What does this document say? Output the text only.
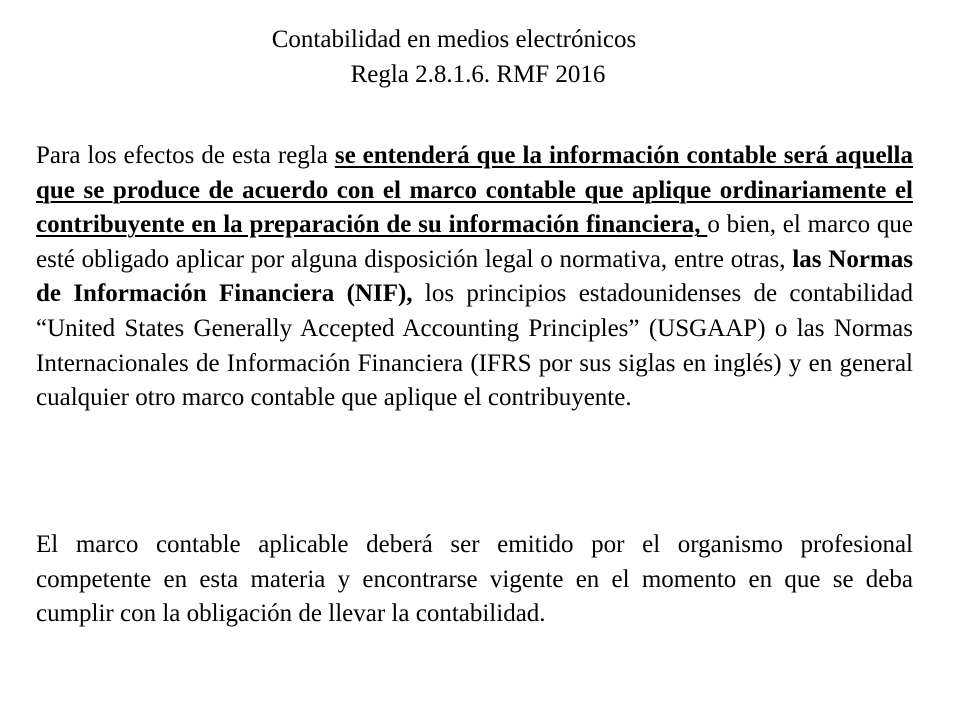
Contabilidad en medios electrónicos
Regla 2.8.1.6. RMF 2016

Para los efectos de esta regla se entenderá que la información contable será aquella que se produce de acuerdo con el marco contable que aplique ordinariamente el contribuyente en la preparación de su información financiera, o bien, el marco que esté obligado aplicar por alguna disposición legal o normativa, entre otras, las Normas de Información Financiera (NIF), los principios estadounidenses de contabilidad “United States Generally Accepted Accounting Principles” (USGAAP) o las Normas Internacionales de Información Financiera (IFRS por sus siglas en inglés) y en general cualquier otro marco contable que aplique el contribuyente.

El marco contable aplicable deberá ser emitido por el organismo profesional competente en esta materia y encontrarse vigente en el momento en que se deba cumplir con la obligación de llevar la contabilidad.
